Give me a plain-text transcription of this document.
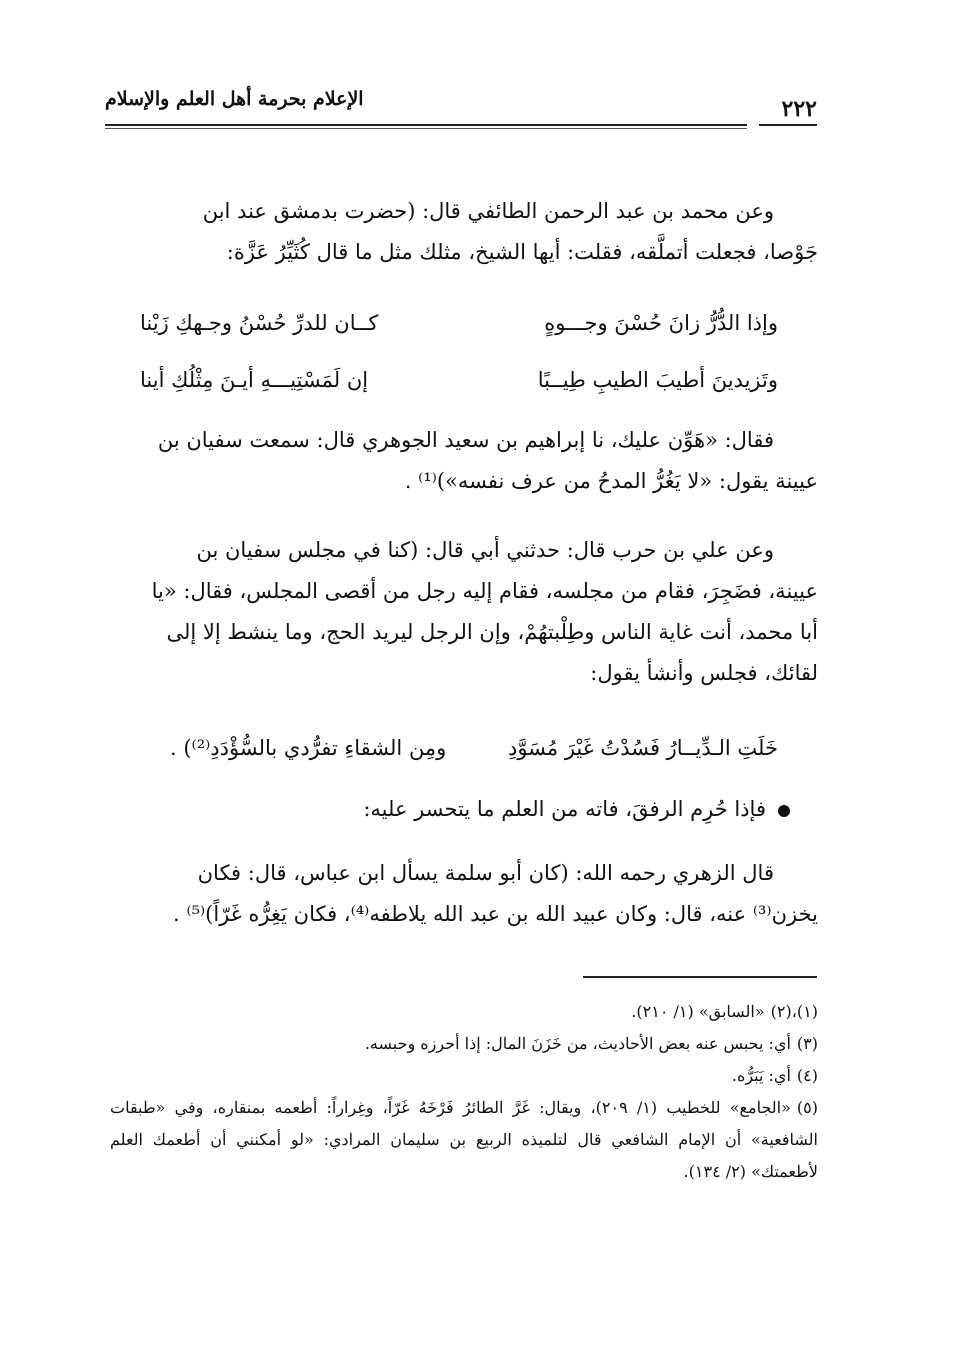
الإعلام بحرمة أهل العلم والإسلام	٢٢٢

وعن محمد بن عبد الرحمن الطائفي قال: (حضرت بدمشق عند ابن

جَوْصا، فجعلت أتملَّقه، فقلت: أيها الشيخ، مثلك مثل ما قال كُثَيِّرُ عَزَّة:

وإذا الدُّرُّ زانَ حُسْنَ وجـــوهٍ
كــان للدرِّ حُسْنُ وجـهكِ زَيْنا
وتَزيدينَ أطيبَ الطيبِ طِيــبًا
إن لَمَسْتِيـــهِ أيـنَ مِثْلُكِ أينا

فقال: «هَوِّن عليك، نا إبراهيم بن سعيد الجوهري قال: سمعت سفيان بن

عيينة يقول: «لا يَغُرُّ المدحُ من عرف نفسه»)⁽¹⁾ .

وعن علي بن حرب قال: حدثني أبي قال: (كنا في مجلس سفيان بن

عيينة، فضَجِرَ، فقام من مجلسه، فقام إليه رجل من أقصى المجلس، فقال: «يا

أبا محمد، أنت غاية الناس وطِلْبتهُمْ، وإن الرجل ليريد الحج، وما ينشط إلا إلى

لقائك، فجلس وأنشأ يقول:

خَلَتِ الـدِّيــارُ فَسُدْتُ غَيْرَ مُسَوَّدِ
ومِن الشقاءِ تفرُّدي بالسُّؤْدَدِ⁽²⁾) .
فإذا حُرِم الرفقَ، فاته من العلم ما يتحسر عليه:

قال الزهري رحمه الله: (كان أبو سلمة يسأل ابن عباس، قال: فكان

يخزن⁽³⁾ عنه، قال: وكان عبيد الله بن عبد الله يلاطفه⁽⁴⁾، فكان يَغِرُّه غَرّاً)⁽⁵⁾ .

(١)،(٢)«السابق» (١/ ٢١٠).

(٣)أي: يحبس عنه بعض الأحاديث، من خَزَنَ المال: إذا أحرزه وحبسه.

(٤)أي: يَبَرُّه.

(٥)«الجامع» للخطيب (١/ ٢٠٩)، ويقال: غَرَّ الطائرُ فَرْخَهُ غَرّاً، وغِراراً: أطعمه بمنقاره، وفي «طبقات الشافعية» أن الإمام الشافعي قال لتلميذه الربيع بن سليمان المرادي: «لو أمكنني أن أطعمك العلم لأطعمتك» (٢/ ١٣٤).
